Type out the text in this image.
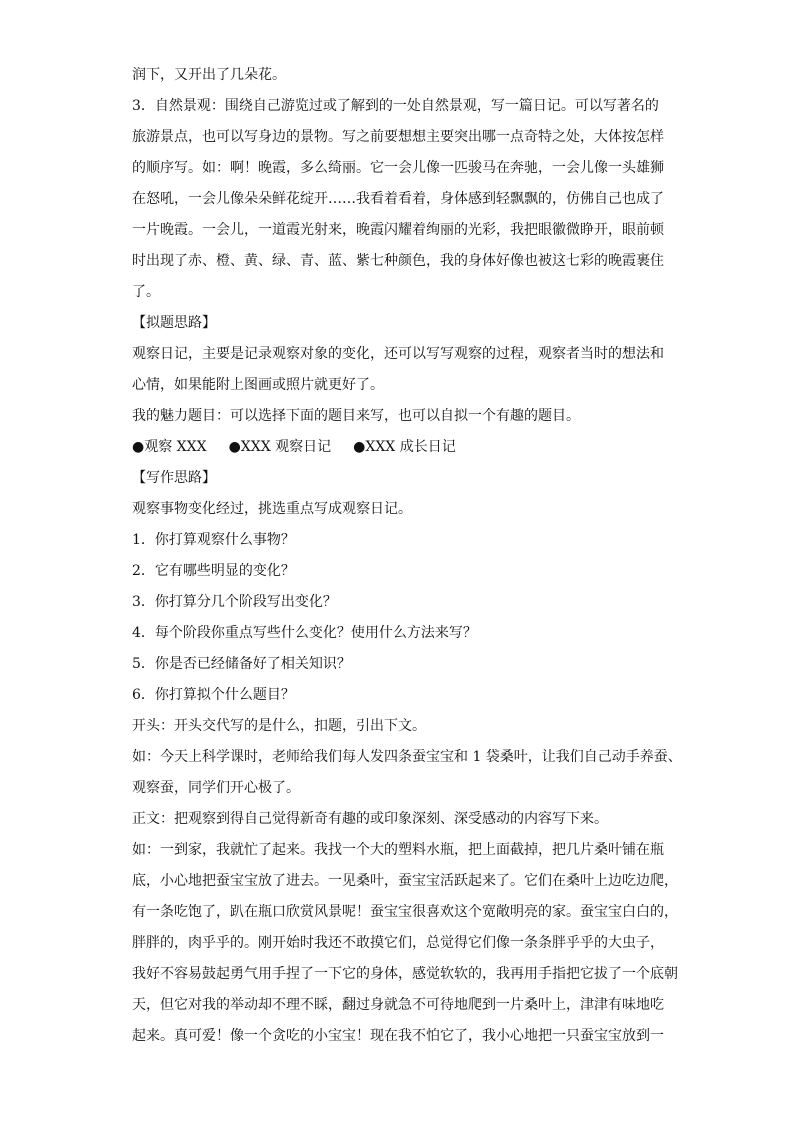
润下，又开出了几朵花。
3．自然景观：围绕自己游览过或了解到的一处自然景观，写一篇日记。可以写著名的
旅游景点，也可以写身边的景物。写之前要想想主要突出哪一点奇特之处，大体按怎样
的顺序写。如：啊！晚霞，多么绮丽。它一会儿像一匹骏马在奔驰，一会儿像一头雄狮
在怒吼，一会儿像朵朵鲜花绽开……我看着看着，身体感到轻飘飘的，仿佛自己也成了
一片晚霞。一会儿，一道霞光射来，晚霞闪耀着绚丽的光彩，我把眼徽微睁开，眼前顿
时出现了赤、橙、黄、绿、青、蓝、紫七种颜色，我的身体好像也被这七彩的晚霞裹住
了。
【拟题思路】
观察日记，主要是记录观察对象的变化，还可以写写观察的过程，观察者当时的想法和
心情，如果能附上图画或照片就更好了。
我的魅力题目：可以选择下面的题目来写，也可以自拟一个有趣的题目。
●观察 XXX ●XXX 观察日记 ●XXX 成长日记
【写作思路】
观察事物变化经过，挑选重点写成观察日记。
1．你打算观察什么事物？
2．它有哪些明显的变化？
3．你打算分几个阶段写出变化？
4．每个阶段你重点写些什么变化？使用什么方法来写？
5．你是否已经储备好了相关知识？
6．你打算拟个什么题目？
开头：开头交代写的是什么，扣题，引出下文。
如：今天上科学课时，老师给我们每人发四条蚕宝宝和 1 袋桑叶，让我们自己动手养蚕、
观察蚕，同学们开心极了。
正文：把观察到得自己觉得新奇有趣的或印象深刻、深受感动的内容写下来。
如：一到家，我就忙了起来。我找一个大的塑料水瓶，把上面截掉，把几片桑叶铺在瓶
底，小心地把蚕宝宝放了进去。一见桑叶，蚕宝宝活跃起来了。它们在桑叶上边吃边爬，
有一条吃饱了，趴在瓶口欣赏风景呢！蚕宝宝很喜欢这个宽敞明亮的家。蚕宝宝白白的，
胖胖的，肉乎乎的。刚开始时我还不敢摸它们，总觉得它们像一条条胖乎乎的大虫子，
我好不容易鼓起勇气用手捏了一下它的身体，感觉软软的，我再用手指把它拔了一个底朝
天，但它对我的举动却不理不睬，翻过身就急不可待地爬到一片桑叶上，津津有味地吃
起来。真可爱！像一个贪吃的小宝宝！现在我不怕它了，我小心地把一只蚕宝宝放到一
